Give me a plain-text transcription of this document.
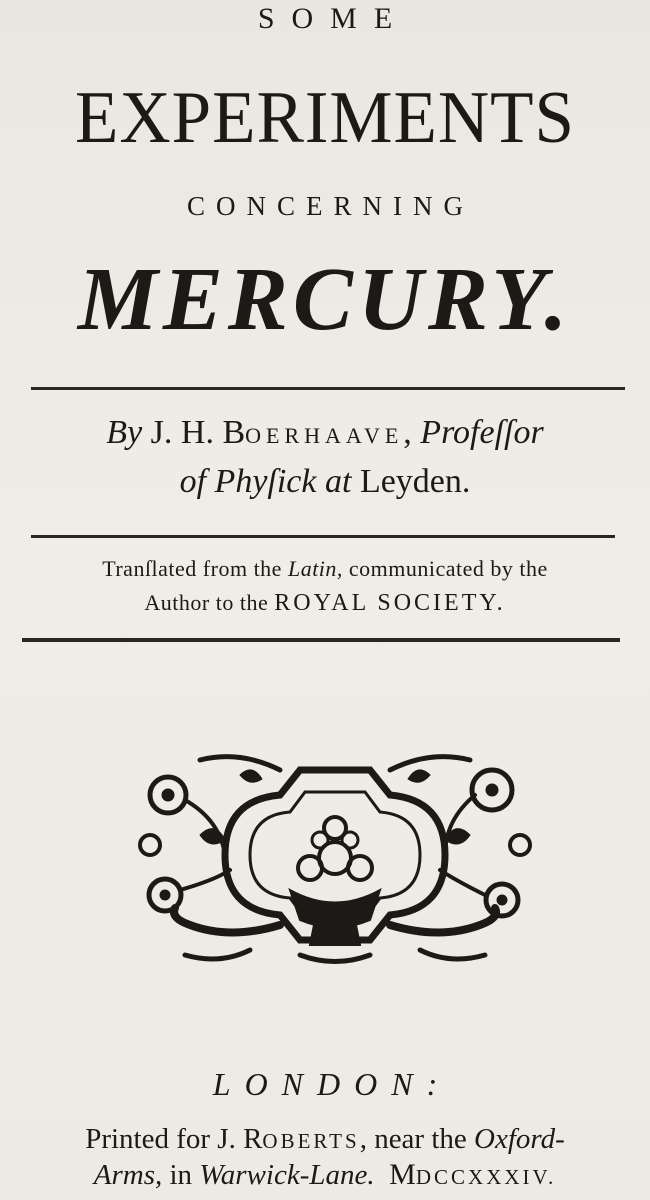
SOME
EXPERIMENTS
CONCERNING
MERCURY.
By J. H. BOERHAAVE, Profeſſor
of Phyſick at Leyden.
Tranſlated from the Latin, communicated by the
Author to the ROYAL SOCIETY.
LONDON:
Printed for J. ROBERTS, near the Oxford-
Arms, in Warwick-Lane. MDCCXXXIV.
